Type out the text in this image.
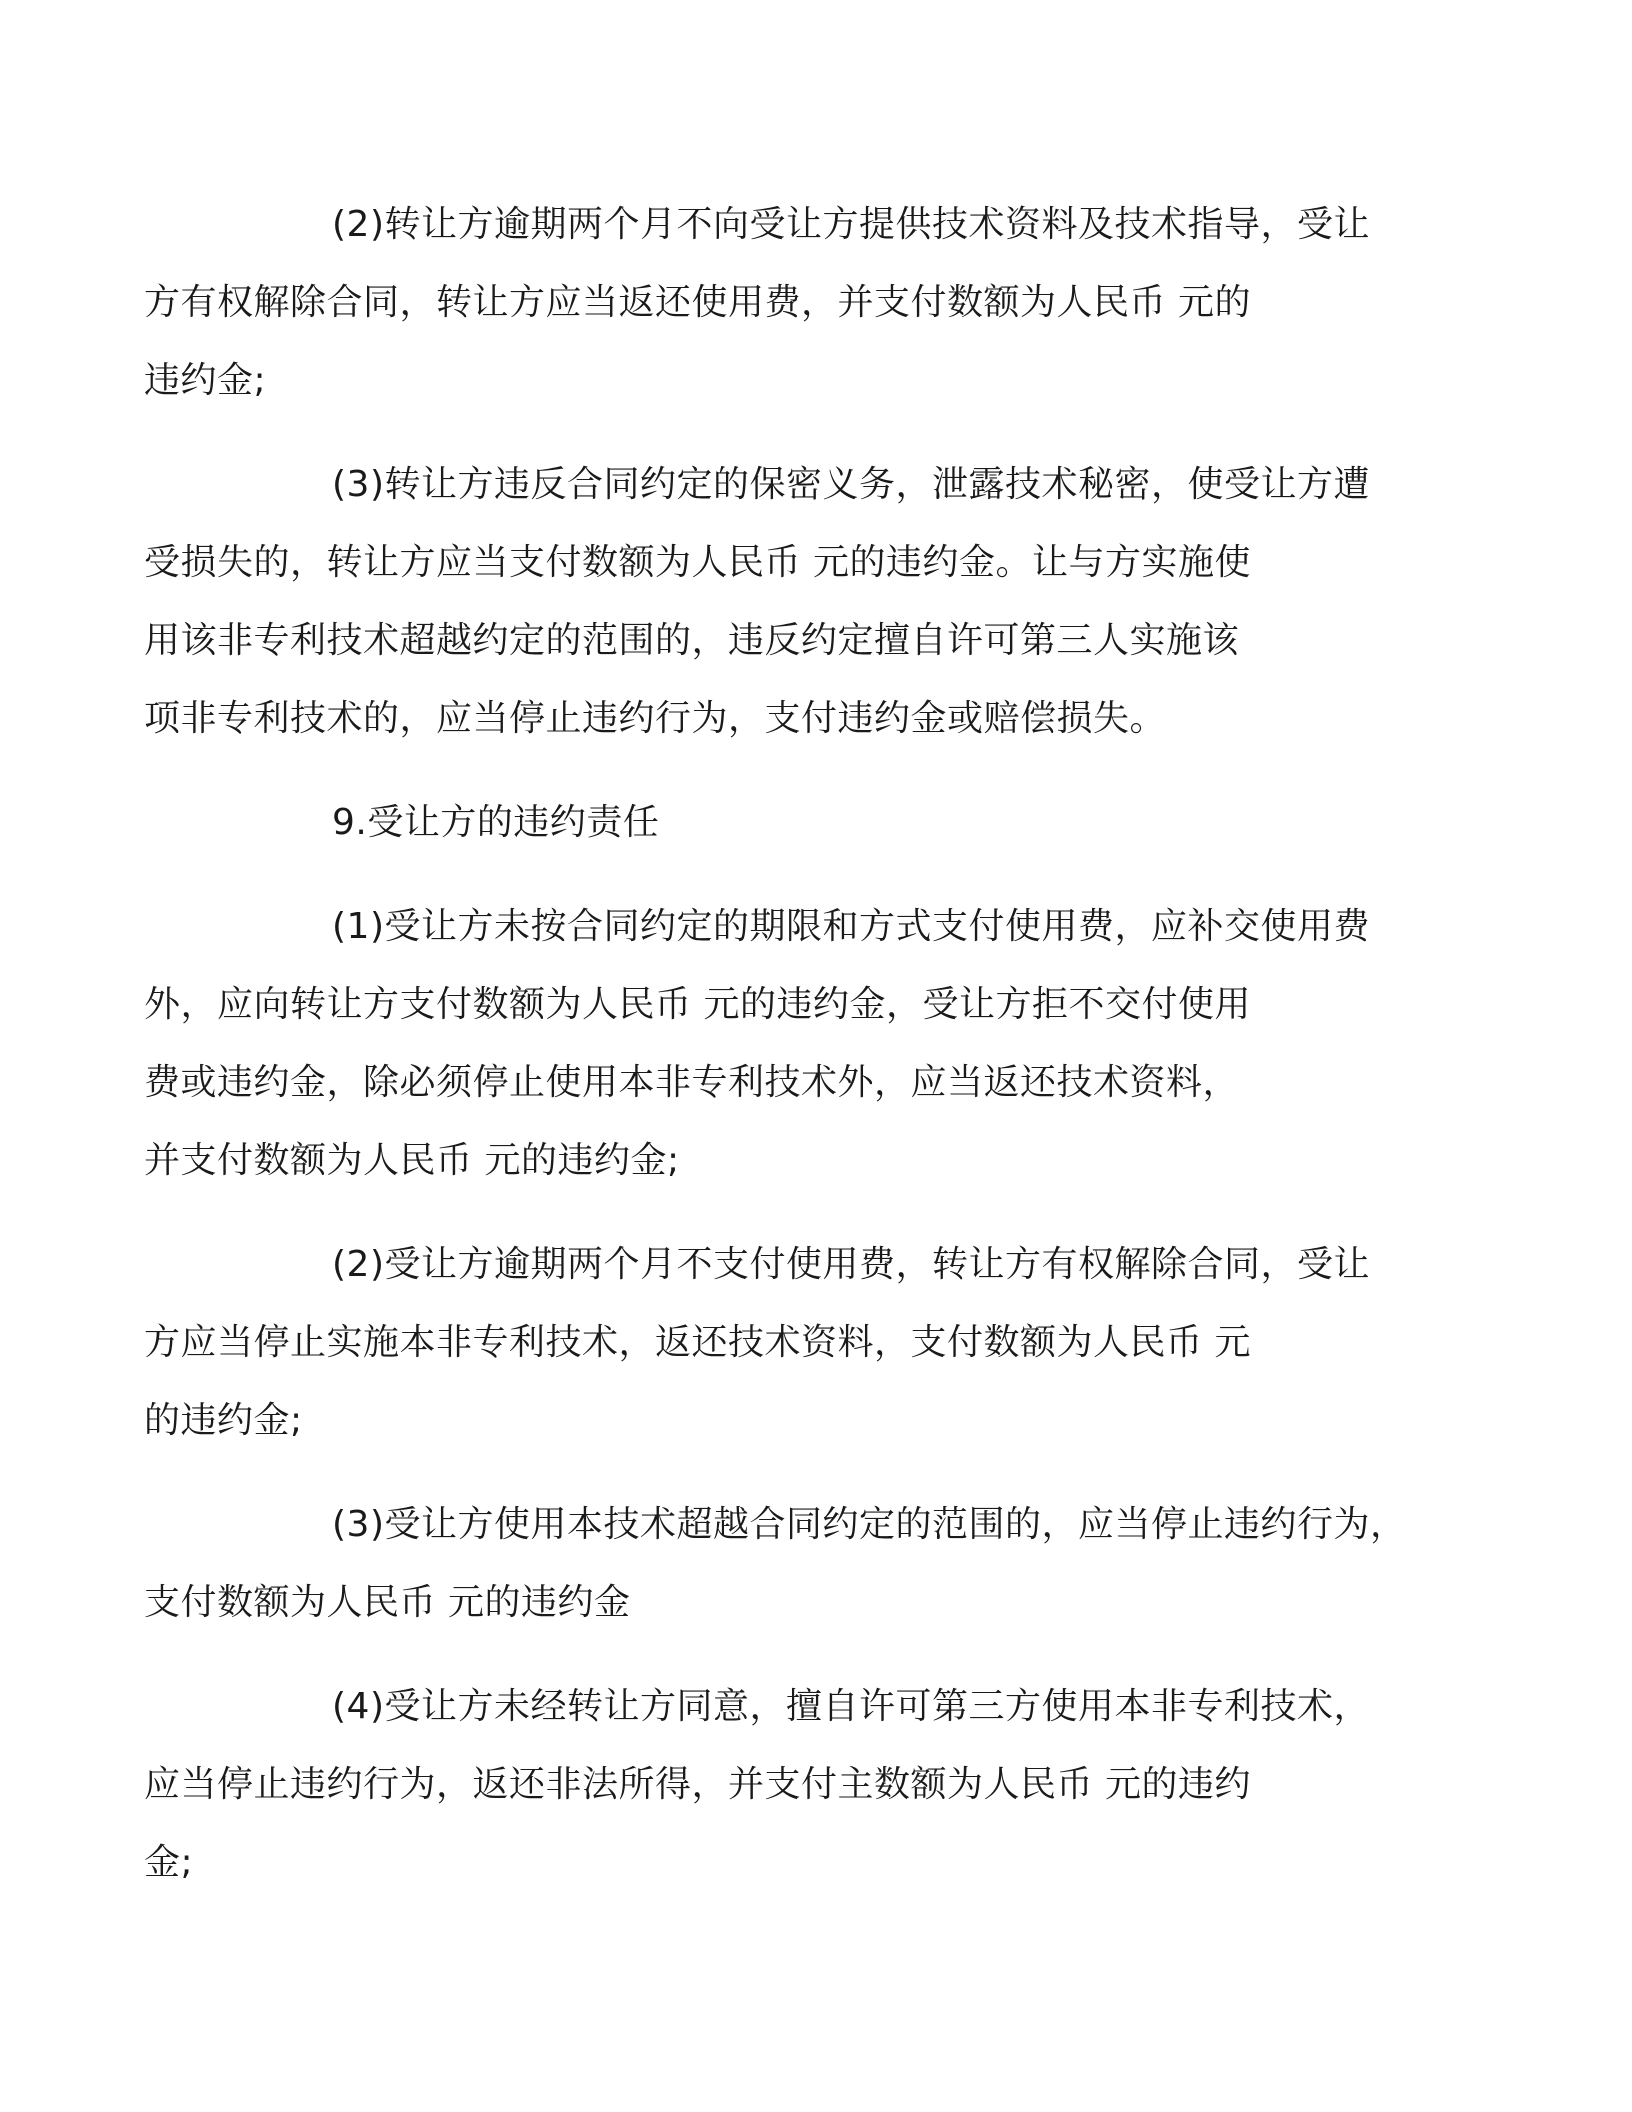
(2)转让方逾期两个月不向受让方提供技术资料及技术指导，受让
方有权解除合同，转让方应当返还使用费，并支付数额为人民币 元的
违约金;

(3)转让方违反合同约定的保密义务，泄露技术秘密，使受让方遭
受损失的，转让方应当支付数额为人民币 元的违约金。让与方实施使
用该非专利技术超越约定的范围的，违反约定擅自许可第三人实施该
项非专利技术的，应当停止违约行为，支付违约金或赔偿损失。

9.受让方的违约责任

(1)受让方未按合同约定的期限和方式支付使用费，应补交使用费
外，应向转让方支付数额为人民币 元的违约金，受让方拒不交付使用
费或违约金，除必须停止使用本非专利技术外，应当返还技术资料，
并支付数额为人民币 元的违约金;

(2)受让方逾期两个月不支付使用费，转让方有权解除合同，受让
方应当停止实施本非专利技术，返还技术资料，支付数额为人民币 元
的违约金;

(3)受让方使用本技术超越合同约定的范围的，应当停止违约行为，
支付数额为人民币 元的违约金

(4)受让方未经转让方同意，擅自许可第三方使用本非专利技术，
应当停止违约行为，返还非法所得，并支付主数额为人民币 元的违约
金;
